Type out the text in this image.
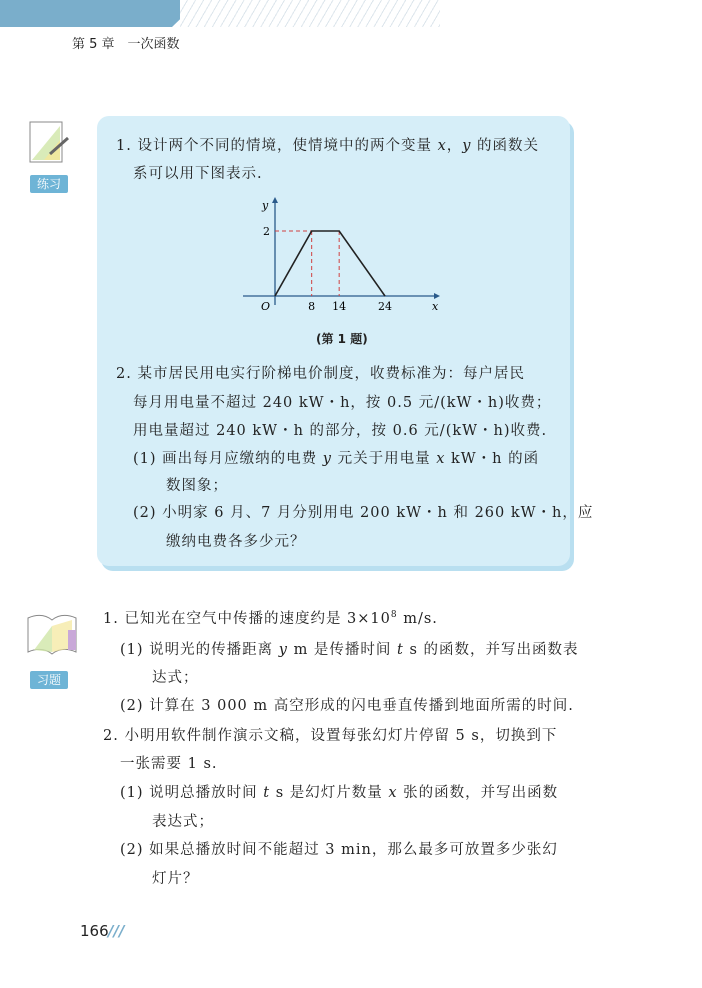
第 5 章　一次函数
练习
1. 设计两个不同的情境，使情境中的两个变量 x，y 的函数关
系可以用下图表示.
2. 某市居民用电实行阶梯电价制度，收费标准为：每户居民
每月用电量不超过 240 kW・h，按 0.5 元/(kW・h)收费；
用电量超过 240 kW・h 的部分，按 0.6 元/(kW・h)收费.
(1) 画出每月应缴纳的电费 y 元关于用电量 x kW・h 的函
数图象；
(2) 小明家 6 月、7 月分别用电 200 kW・h 和 260 kW・h，应
缴纳电费各多少元？
8 14	24
2
O	x
y
(第 1 题)
习题
1. 已知光在空气中传播的速度约是 $3\times 10^8$ m/s.
(1) 说明光的传播距离 y m 是传播时间 t s 的函数，并写出函数表
达式；
(2) 计算在 3 000 m 高空形成的闪电垂直传播到地面所需的时间.
2. 小明用软件制作演示文稿，设置每张幻灯片停留 5 s，切换到下
一张需要 1 s.
(1) 说明总播放时间 t s 是幻灯片数量 x 张的函数，并写出函数
表达式；
(2) 如果总播放时间不能超过 3 min，那么最多可放置多少张幻
灯片？
166 ///
